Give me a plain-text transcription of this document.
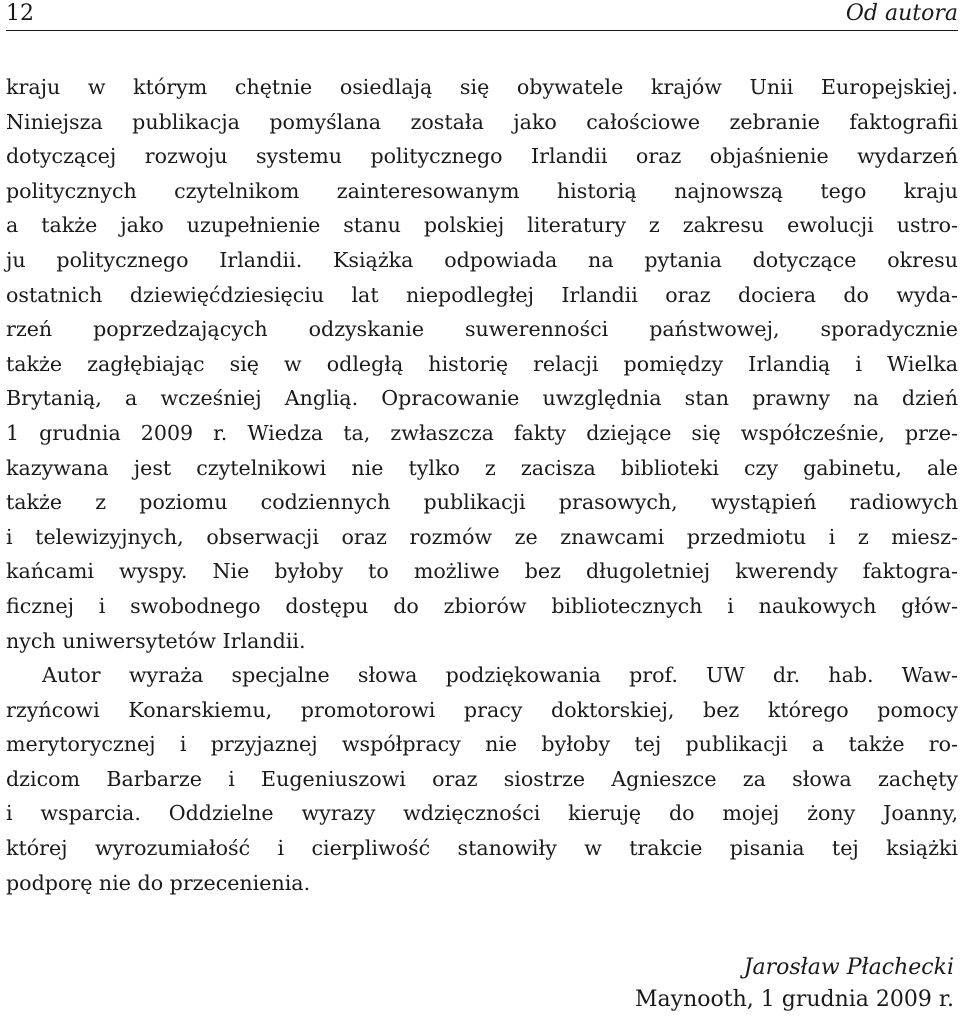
12	Od autora
kraju w którym chętnie osiedlają się obywatele krajów Unii Europejskiej.
Niniejsza publikacja pomyślana została jako całościowe zebranie faktografii
dotyczącej rozwoju systemu politycznego Irlandii oraz objaśnienie wydarzeń
politycznych czytelnikom zainteresowanym historią najnowszą tego kraju
a także jako uzupełnienie stanu polskiej literatury z zakresu ewolucji ustro-
ju politycznego Irlandii. Książka odpowiada na pytania dotyczące okresu
ostatnich dziewięćdziesięciu lat niepodległej Irlandii oraz dociera do wyda-
rzeń poprzedzających odzyskanie suwerenności państwowej, sporadycznie
także zagłębiając się w odległą historię relacji pomiędzy Irlandią i Wielka
Brytanią, a wcześniej Anglią. Opracowanie uwzględnia stan prawny na dzień
1 grudnia 2009 r. Wiedza ta, zwłaszcza fakty dziejące się współcześnie, prze-
kazywana jest czytelnikowi nie tylko z zacisza biblioteki czy gabinetu, ale
także z poziomu codziennych publikacji prasowych, wystąpień radiowych
i telewizyjnych, obserwacji oraz rozmów ze znawcami przedmiotu i z miesz-
kańcami wyspy. Nie byłoby to możliwe bez długoletniej kwerendy faktogra-
ficznej i swobodnego dostępu do zbiorów bibliotecznych i naukowych głów-
nych uniwersytetów Irlandii.
Autor wyraża specjalne słowa podziękowania prof. UW dr. hab. Waw-
rzyńcowi Konarskiemu, promotorowi pracy doktorskiej, bez którego pomocy
merytorycznej i przyjaznej współpracy nie byłoby tej publikacji a także ro-
dzicom Barbarze i Eugeniuszowi oraz siostrze Agnieszce za słowa zachęty
i wsparcia. Oddzielne wyrazy wdzięczności kieruję do mojej żony Joanny,
której wyrozumiałość i cierpliwość stanowiły w trakcie pisania tej książki
podporę nie do przecenienia.
Jarosław Płachecki
Maynooth, 1 grudnia 2009 r.
